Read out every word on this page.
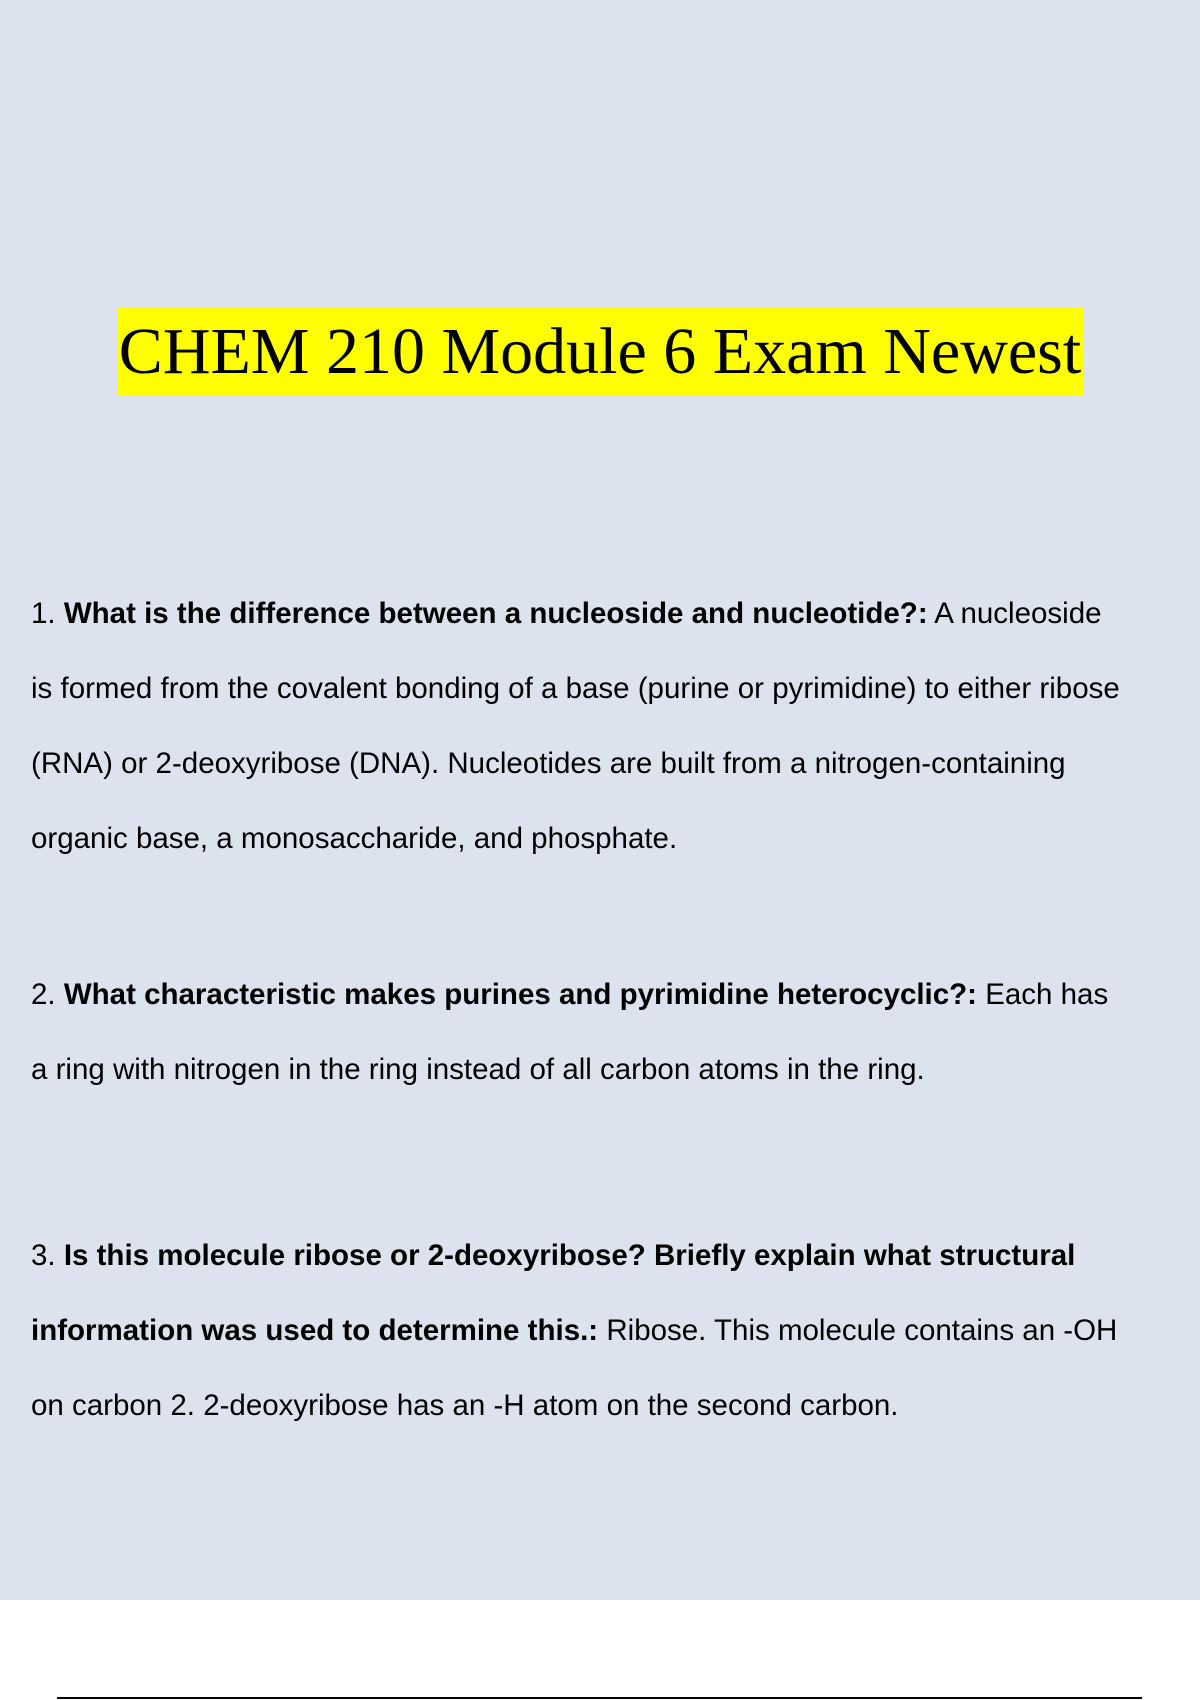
CHEM 210 Module 6 Exam Newest
1. What is the difference between a nucleoside and nucleotide?: A nucleoside
is formed from the covalent bonding of a base (purine or pyrimidine) to either ribose
(RNA) or 2-deoxyribose (DNA). Nucleotides are built from a nitrogen-containing
organic base, a monosaccharide, and phosphate.
2. What characteristic makes purines and pyrimidine heterocyclic?: Each has
a ring with nitrogen in the ring instead of all carbon atoms in the ring.
3. Is this molecule ribose or 2-deoxyribose? Briefly explain what structural
information was used to determine this.: Ribose. This molecule contains an -OH
on carbon 2. 2-deoxyribose has an -H atom on the second carbon.
